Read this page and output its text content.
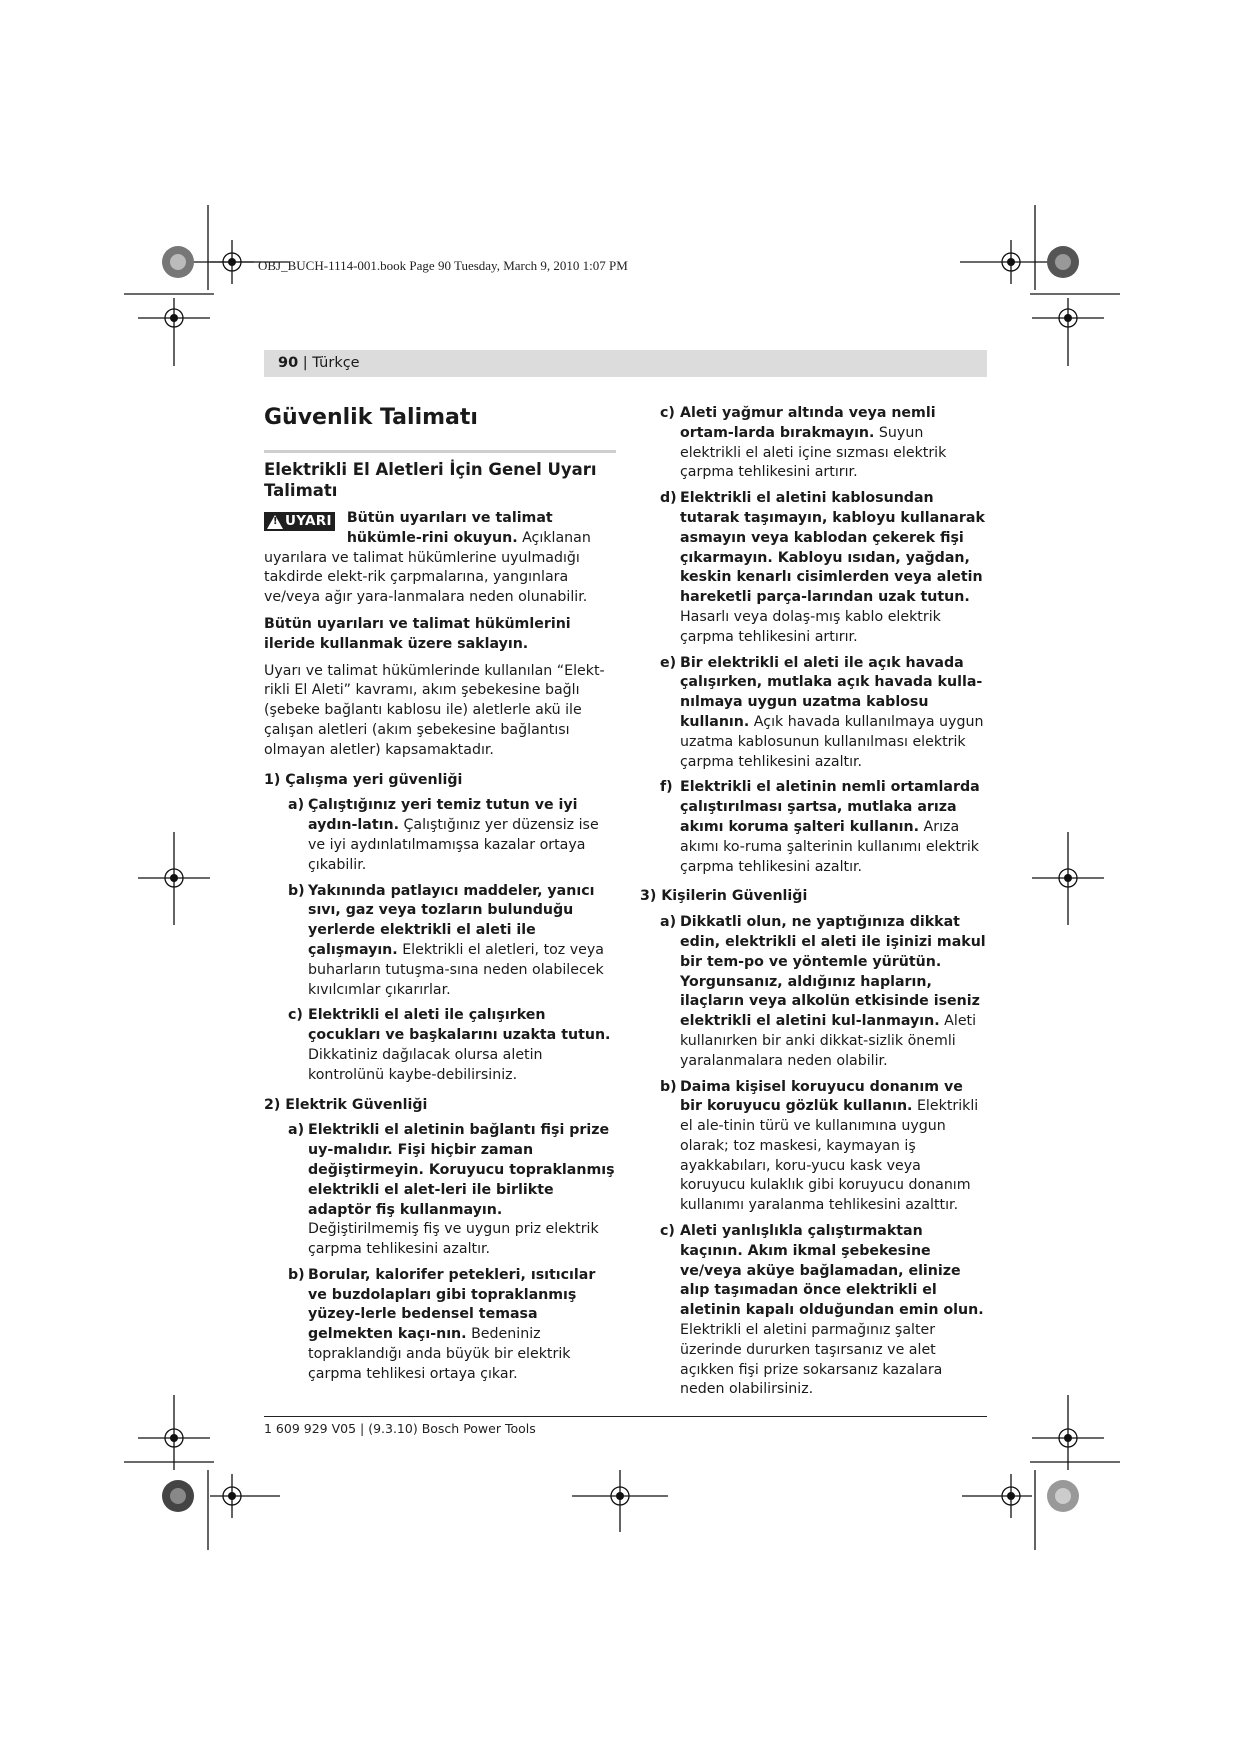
OBJ_BUCH-1114-001.book Page 90 Tuesday, March 9, 2010 1:07 PM
90 | Türkçe
Güvenlik Talimatı
Elektrikli El Aletleri İçin Genel Uyarı Talimatı
!
UYARI	Bütün uyarıları ve talimat hükümle-rini okuyun. Açıklanan uyarılara ve talimat hükümlerine uyulmadığı takdirde elekt-rik çarpmalarına, yangınlara ve/veya ağır yara-lanmalara neden olunabilir.

Bütün uyarıları ve talimat hükümlerini ileride kullanmak üzere saklayın.

Uyarı ve talimat hükümlerinde kullanılan “Elekt-rikli El Aleti” kavramı, akım şebekesine bağlı (şebeke bağlantı kablosu ile) aletlerle akü ile çalışan aletleri (akım şebekesine bağlantısı olmayan aletler) kapsamaktadır.

1) Çalışma yeri güvenliği
a) Çalıştığınız yeri temiz tutun ve iyi aydın-latın. Çalıştığınız yer düzensiz ise ve iyi aydınlatılmamışsa kazalar ortaya çıkabilir.
b) Yakınında patlayıcı maddeler, yanıcı sıvı, gaz veya tozların bulunduğu yerlerde elektrikli el aleti ile çalışmayın. Elektrikli el aletleri, toz veya buharların tutuşma-sına neden olabilecek kıvılcımlar çıkarırlar.
c) Elektrikli el aleti ile çalışırken çocukları ve başkalarını uzakta tutun. Dikkatiniz dağılacak olursa aletin kontrolünü kaybe-debilirsiniz.
2) Elektrik Güvenliği
a) Elektrikli el aletinin bağlantı fişi prize uy-malıdır. Fişi hiçbir zaman değiştirmeyin. Koruyucu topraklanmış elektrikli el alet-leri ile birlikte adaptör fiş kullanmayın. Değiştirilmemiş fiş ve uygun priz elektrik çarpma tehlikesini azaltır.
b) Borular, kalorifer petekleri, ısıtıcılar ve buzdolapları gibi topraklanmış yüzey-lerle bedensel temasa gelmekten kaçı-nın. Bedeniniz topraklandığı anda büyük bir elektrik çarpma tehlikesi ortaya çıkar.
c) Aleti yağmur altında veya nemli ortam-larda bırakmayın. Suyun elektrikli el aleti içine sızması elektrik çarpma tehlikesini artırır.
d) Elektrikli el aletini kablosundan tutarak taşımayın, kabloyu kullanarak asmayın veya kablodan çekerek fişi çıkarmayın. Kabloyu ısıdan, yağdan, keskin kenarlı cisimlerden veya aletin hareketli parça-larından uzak tutun. Hasarlı veya dolaş-mış kablo elektrik çarpma tehlikesini artırır.
e) Bir elektrikli el aleti ile açık havada çalışırken, mutlaka açık havada kulla-nılmaya uygun uzatma kablosu kullanın. Açık havada kullanılmaya uygun uzatma kablosunun kullanılması elektrik çarpma tehlikesini azaltır.
f) Elektrikli el aletinin nemli ortamlarda çalıştırılması şartsa, mutlaka arıza akımı koruma şalteri kullanın. Arıza akımı ko-ruma şalterinin kullanımı elektrik çarpma tehlikesini azaltır.
3) Kişilerin Güvenliği
a) Dikkatli olun, ne yaptığınıza dikkat edin, elektrikli el aleti ile işinizi makul bir tem-po ve yöntemle yürütün. Yorgunsanız, aldığınız hapların, ilaçların veya alkolün etkisinde iseniz elektrikli el aletini kul-lanmayın. Aleti kullanırken bir anki dikkat-sizlik önemli yaralanmalara neden olabilir.
b) Daima kişisel koruyucu donanım ve bir koruyucu gözlük kullanın. Elektrikli el ale-tinin türü ve kullanımına uygun olarak; toz maskesi, kaymayan iş ayakkabıları, koru-yucu kask veya koruyucu kulaklık gibi koruyucu donanım kullanımı yaralanma tehlikesini azalttır.
c) Aleti yanlışlıkla çalıştırmaktan kaçının. Akım ikmal şebekesine ve/veya aküye bağlamadan, elinize alıp taşımadan önce elektrikli el aletinin kapalı olduğundan emin olun. Elektrikli el aletini parmağınız şalter üzerinde dururken taşırsanız ve alet açıkken fişi prize sokarsanız kazalara neden olabilirsiniz.
1 609 929 V05 | (9.3.10) Bosch Power Tools
